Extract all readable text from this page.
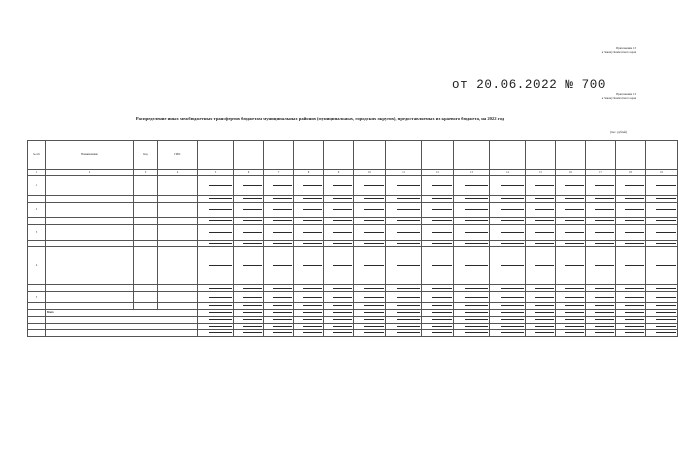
Приложение 13
к Закону Камчатского края
от 20.06.2022 № 700
Приложение 13
к Закону Камчатского края
Распределение иных межбюджетных трансфертов бюджетам муниципальных районов (муниципальных, городских округов), предоставляемых из краевого бюджета, на 2022 год
(тыс. рублей)
№ п/п	Наименование	Код	ГРБС															
1	2	3	4	5	6	7	8	9	10	11	12	13	14	15	16	17	18	19
1																		

2																		

3																		

4																		

5																		

	Всего																	
